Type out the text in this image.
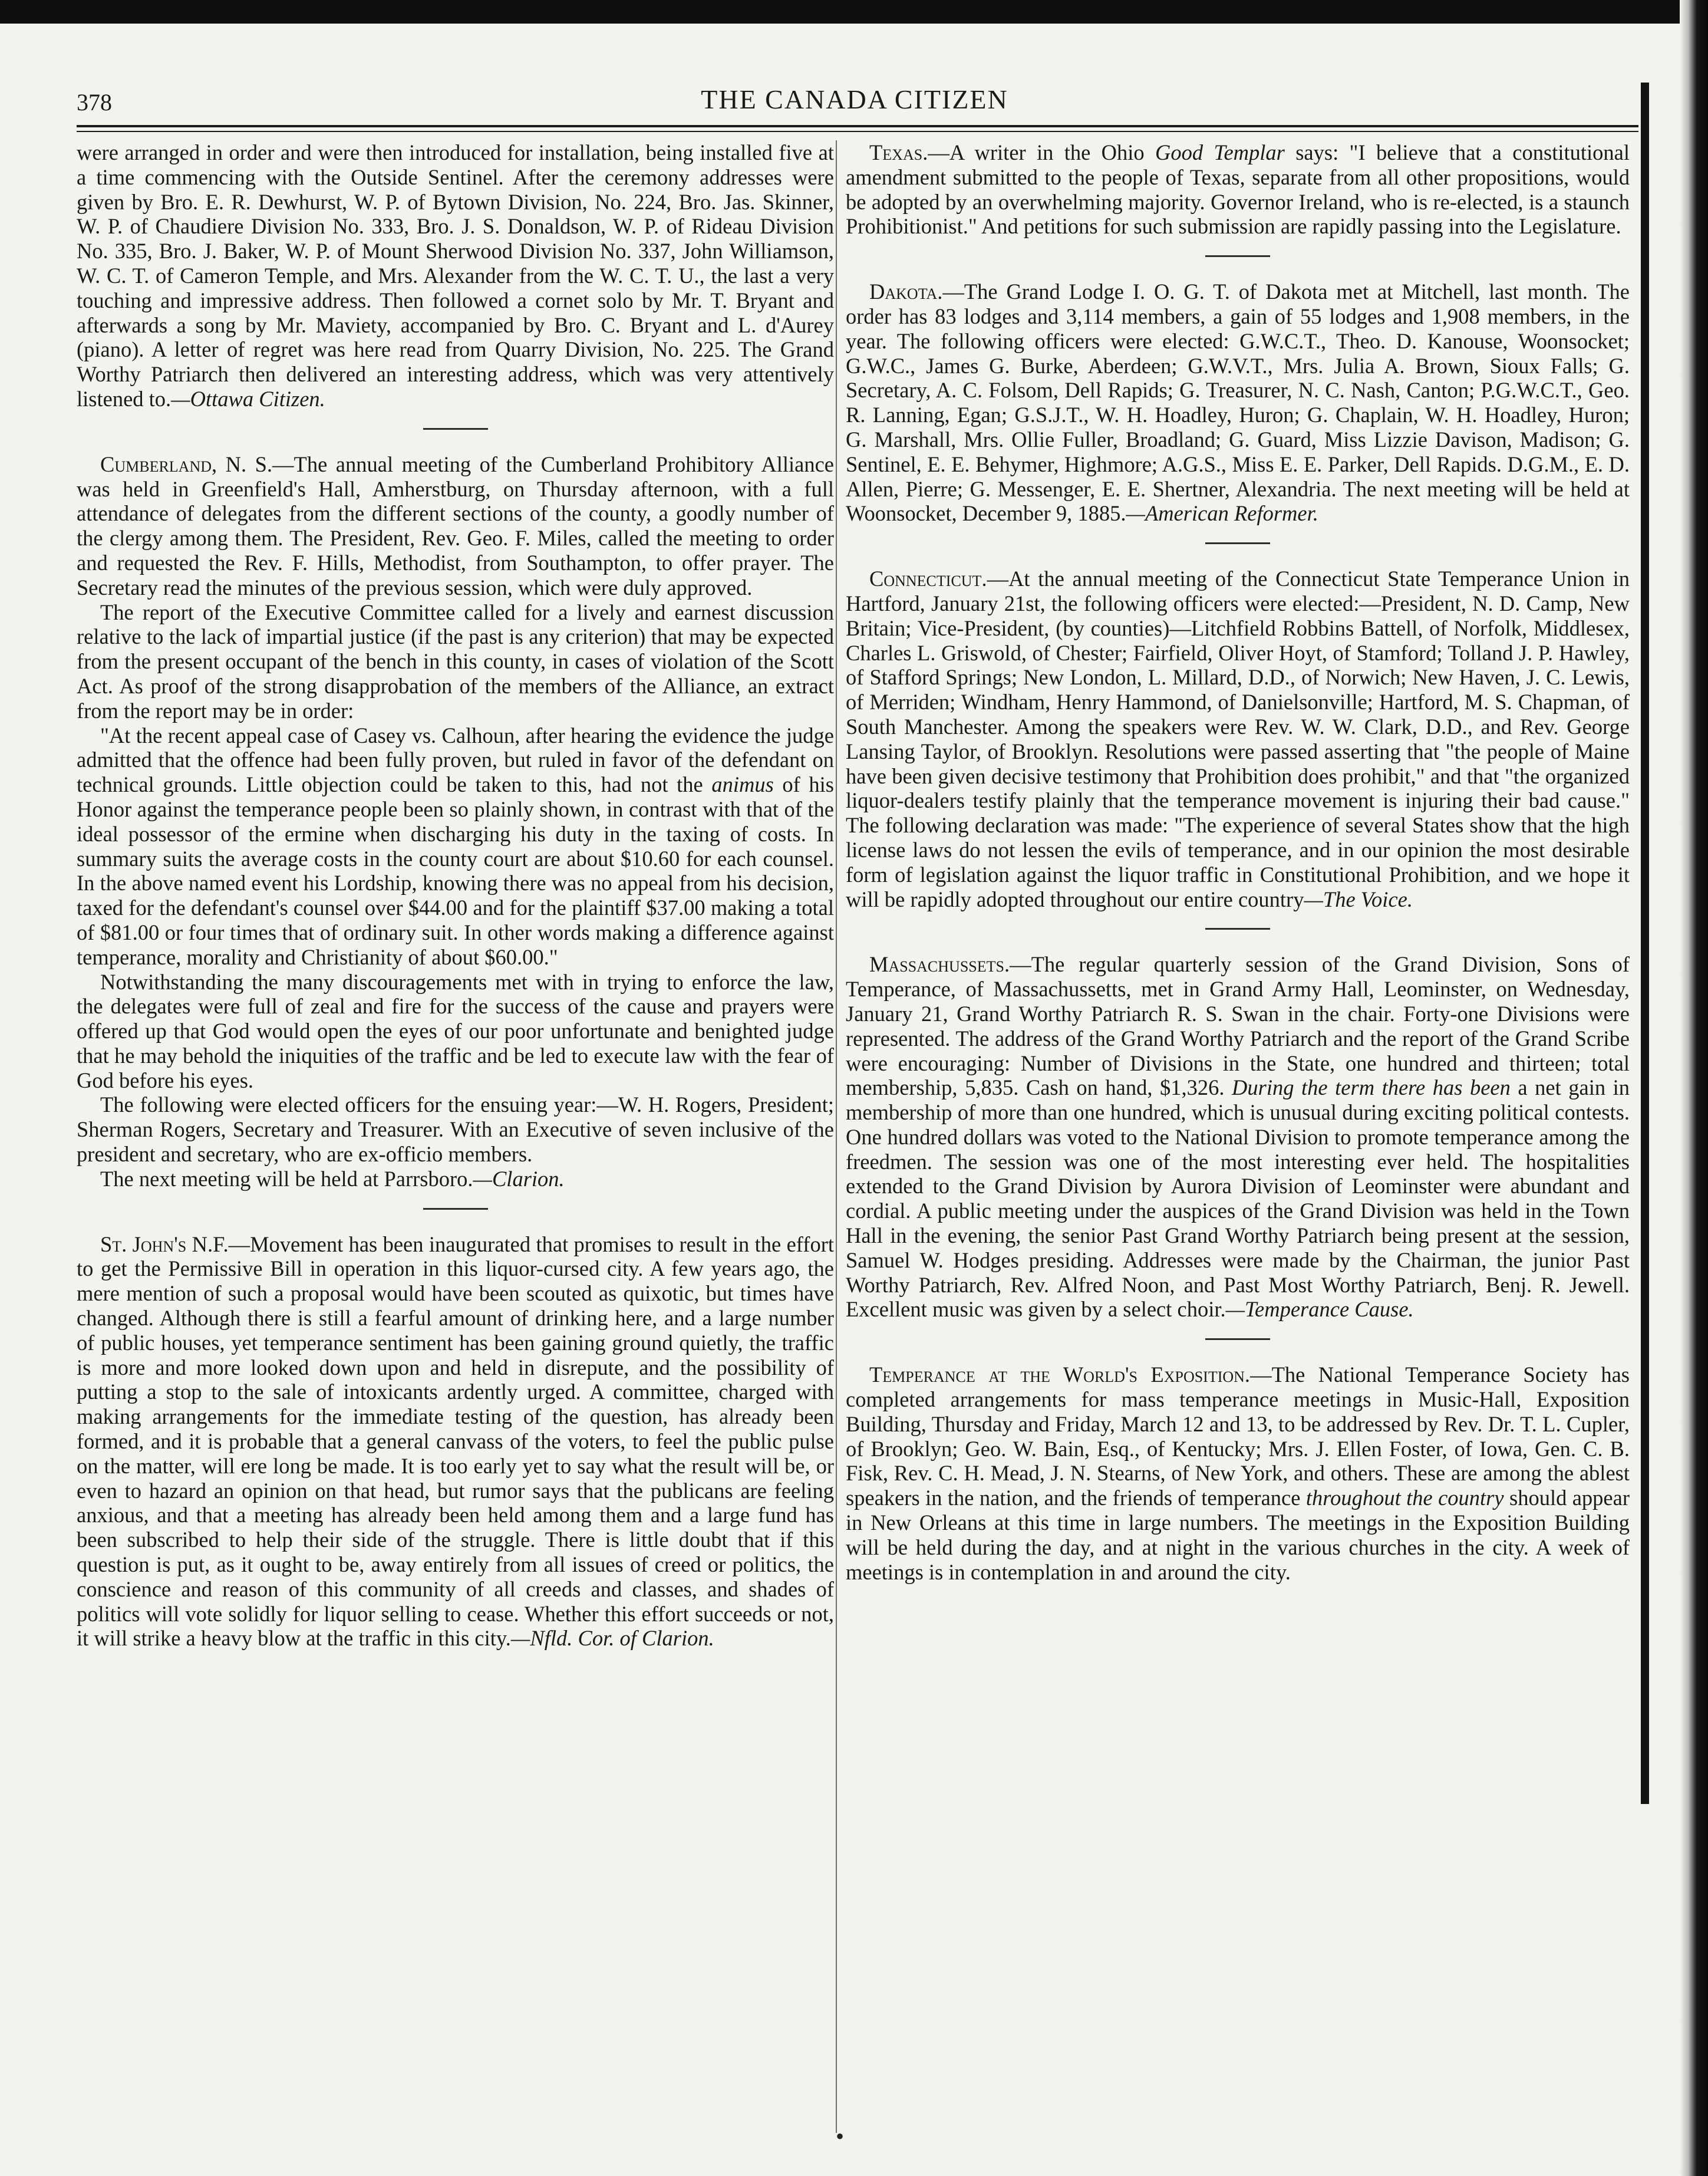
378	THE CANADA CITIZEN

were arranged in order and were then introduced for installation, being installed five at a time commencing with the Outside Sentinel. After the ceremony addresses were given by Bro. E. R. Dewhurst, W. P. of Bytown Division, No. 224, Bro. Jas. Skinner, W. P. of Chaudiere Division No. 333, Bro. J. S. Donaldson, W. P. of Rideau Division No. 335, Bro. J. Baker, W. P. of Mount Sherwood Division No. 337, John Williamson, W. C. T. of Cameron Temple, and Mrs. Alexander from the W. C. T. U., the last a very touching and impressive address. Then followed a cornet solo by Mr. T. Bryant and afterwards a song by Mr. Maviety, accompanied by Bro. C. Bryant and L. d'Aurey (piano). A letter of regret was here read from Quarry Division, No. 225. The Grand Worthy Patriarch then delivered an interesting address, which was very attentively listened to.—Ottawa Citizen.

Cumberland, N. S.—The annual meeting of the Cumberland Prohibitory Alliance was held in Greenfield's Hall, Amherstburg, on Thursday afternoon, with a full attendance of delegates from the different sections of the county, a goodly number of the clergy among them. The President, Rev. Geo. F. Miles, called the meeting to order and requested the Rev. F. Hills, Methodist, from Southampton, to offer prayer. The Secretary read the minutes of the previous session, which were duly approved.

The report of the Executive Committee called for a lively and earnest discussion relative to the lack of impartial justice (if the past is any criterion) that may be expected from the present occupant of the bench in this county, in cases of violation of the Scott Act. As proof of the strong disapprobation of the members of the Alliance, an extract from the report may be in order:

"At the recent appeal case of Casey vs. Calhoun, after hearing the evidence the judge admitted that the offence had been fully proven, but ruled in favor of the defendant on technical grounds. Little objection could be taken to this, had not the animus of his Honor against the temperance people been so plainly shown, in contrast with that of the ideal possessor of the ermine when discharging his duty in the taxing of costs. In summary suits the average costs in the county court are about $10.60 for each counsel. In the above named event his Lordship, knowing there was no appeal from his decision, taxed for the defendant's counsel over $44.00 and for the plaintiff $37.00 making a total of $81.00 or four times that of ordinary suit. In other words making a difference against temperance, morality and Christianity of about $60.00."

Notwithstanding the many discouragements met with in trying to enforce the law, the delegates were full of zeal and fire for the success of the cause and prayers were offered up that God would open the eyes of our poor unfortunate and benighted judge that he may behold the iniquities of the traffic and be led to execute law with the fear of God before his eyes.

The following were elected officers for the ensuing year:—W. H. Rogers, President; Sherman Rogers, Secretary and Treasurer. With an Executive of seven inclusive of the president and secretary, who are ex-officio members.

The next meeting will be held at Parrsboro.—Clarion.

St. John's N.F.—Movement has been inaugurated that promises to result in the effort to get the Permissive Bill in operation in this liquor-cursed city. A few years ago, the mere mention of such a proposal would have been scouted as quixotic, but times have changed. Although there is still a fearful amount of drinking here, and a large number of public houses, yet temperance sentiment has been gaining ground quietly, the traffic is more and more looked down upon and held in disrepute, and the possibility of putting a stop to the sale of intoxicants ardently urged. A committee, charged with making arrangements for the immediate testing of the question, has already been formed, and it is probable that a general canvass of the voters, to feel the public pulse on the matter, will ere long be made. It is too early yet to say what the result will be, or even to hazard an opinion on that head, but rumor says that the publicans are feeling anxious, and that a meeting has already been held among them and a large fund has been subscribed to help their side of the struggle. There is little doubt that if this question is put, as it ought to be, away entirely from all issues of creed or politics, the conscience and reason of this community of all creeds and classes, and shades of politics will vote solidly for liquor selling to cease. Whether this effort succeeds or not, it will strike a heavy blow at the traffic in this city.—Nfld. Cor. of Clarion.

Texas.—A writer in the Ohio Good Templar says: "I believe that a constitutional amendment submitted to the people of Texas, separate from all other propositions, would be adopted by an overwhelming majority. Governor Ireland, who is re-elected, is a staunch Prohibitionist." And petitions for such submission are rapidly passing into the Legislature.

Dakota.—The Grand Lodge I. O. G. T. of Dakota met at Mitchell, last month. The order has 83 lodges and 3,114 members, a gain of 55 lodges and 1,908 members, in the year. The following officers were elected: G.W.C.T., Theo. D. Kanouse, Woonsocket; G.W.C., James G. Burke, Aberdeen; G.W.V.T., Mrs. Julia A. Brown, Sioux Falls; G. Secretary, A. C. Folsom, Dell Rapids; G. Treasurer, N. C. Nash, Canton; P.G.W.C.T., Geo. R. Lanning, Egan; G.S.J.T., W. H. Hoadley, Huron; G. Chaplain, W. H. Hoadley, Huron; G. Marshall, Mrs. Ollie Fuller, Broadland; G. Guard, Miss Lizzie Davison, Madison; G. Sentinel, E. E. Behymer, Highmore; A.G.S., Miss E. E. Parker, Dell Rapids. D.G.M., E. D. Allen, Pierre; G. Messenger, E. E. Shertner, Alexandria. The next meeting will be held at Woonsocket, December 9, 1885.—American Reformer.

Connecticut.—At the annual meeting of the Connecticut State Temperance Union in Hartford, January 21st, the following officers were elected:—President, N. D. Camp, New Britain; Vice-President, (by counties)—Litchfield Robbins Battell, of Norfolk, Middlesex, Charles L. Griswold, of Chester; Fairfield, Oliver Hoyt, of Stamford; Tolland J. P. Hawley, of Stafford Springs; New London, L. Millard, D.D., of Norwich; New Haven, J. C. Lewis, of Merriden; Windham, Henry Hammond, of Danielsonville; Hartford, M. S. Chapman, of South Manchester. Among the speakers were Rev. W. W. Clark, D.D., and Rev. George Lansing Taylor, of Brooklyn. Resolutions were passed asserting that "the people of Maine have been given decisive testimony that Prohibition does prohibit," and that "the organized liquor-dealers testify plainly that the temperance movement is injuring their bad cause." The following declaration was made: "The experience of several States show that the high license laws do not lessen the evils of temperance, and in our opinion the most desirable form of legislation against the liquor traffic in Constitutional Prohibition, and we hope it will be rapidly adopted throughout our entire country—The Voice.

Massachussets.—The regular quarterly session of the Grand Division, Sons of Temperance, of Massachussetts, met in Grand Army Hall, Leominster, on Wednesday, January 21, Grand Worthy Patriarch R. S. Swan in the chair. Forty-one Divisions were represented. The address of the Grand Worthy Patriarch and the report of the Grand Scribe were encouraging: Number of Divisions in the State, one hundred and thirteen; total membership, 5,835. Cash on hand, $1,326. During the term there has been a net gain in membership of more than one hundred, which is unusual during exciting political contests. One hundred dollars was voted to the National Division to promote temperance among the freedmen. The session was one of the most interesting ever held. The hospitalities extended to the Grand Division by Aurora Division of Leominster were abundant and cordial. A public meeting under the auspices of the Grand Division was held in the Town Hall in the evening, the senior Past Grand Worthy Patriarch being present at the session, Samuel W. Hodges presiding. Addresses were made by the Chairman, the junior Past Worthy Patriarch, Rev. Alfred Noon, and Past Most Worthy Patriarch, Benj. R. Jewell. Excellent music was given by a select choir.—Temperance Cause.

Temperance at the World's Exposition.—The National Temperance Society has completed arrangements for mass temperance meetings in Music-Hall, Exposition Building, Thursday and Friday, March 12 and 13, to be addressed by Rev. Dr. T. L. Cupler, of Brooklyn; Geo. W. Bain, Esq., of Kentucky; Mrs. J. Ellen Foster, of Iowa, Gen. C. B. Fisk, Rev. C. H. Mead, J. N. Stearns, of New York, and others. These are among the ablest speakers in the nation, and the friends of temperance throughout the country should appear in New Orleans at this time in large numbers. The meetings in the Exposition Building will be held during the day, and at night in the various churches in the city. A week of meetings is in contemplation in and around the city.

•
